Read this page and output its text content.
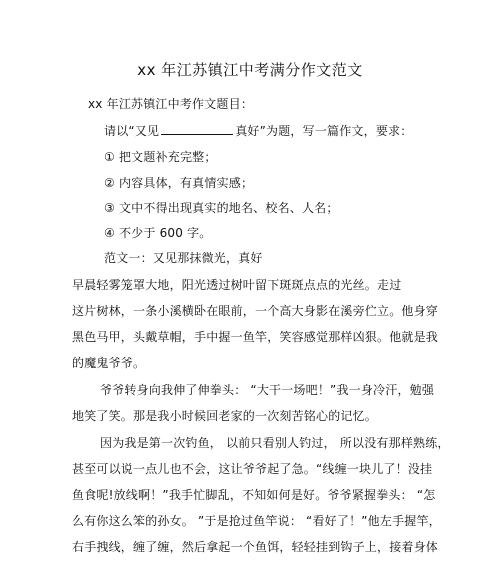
xx 年江苏镇江中考满分作文范文
xx 年江苏镇江中考作文题目：
请以“又见	真好”为题，写一篇作文，要求：
① 把文题补充完整；
② 内容具体，有真情实感；
③ 文中不得出现真实的地名、校名、人名；
④ 不少于 600 字。
范文一：又见那抹微光，真好
早晨轻雾笼罩大地，阳光透过树叶留下斑斑点点的光丝。走过
这片树林，一条小溪横卧在眼前，一个高大身影在溪旁伫立。他身穿
黑色马甲，头戴草帽，手中握一鱼竿，笑容感觉那样凶狠。他就是我
的魔鬼爷爷。
爷爷转身向我伸了伸拳头： “大干一场吧！”我一身冷汗，勉强
地笑了笑。那是我小时候回老家的一次刻苦铭心的记忆。
因为我是第一次钓鱼， 以前只看别人钓过， 所以没有那样熟练，
甚至可以说一点儿也不会，这让爷爷起了急。“线缠一块儿了！没挂
鱼食呢!放线啊！”我手忙脚乱，不知如何是好。爷爷紧握拳头： “怎
么有你这么笨的孙女。 ”于是抢过鱼竿说： “看好了！”他左手握竿，
右手拽线，缠了缠，然后拿起一个鱼饵，轻轻挂到钩子上，接着身体
